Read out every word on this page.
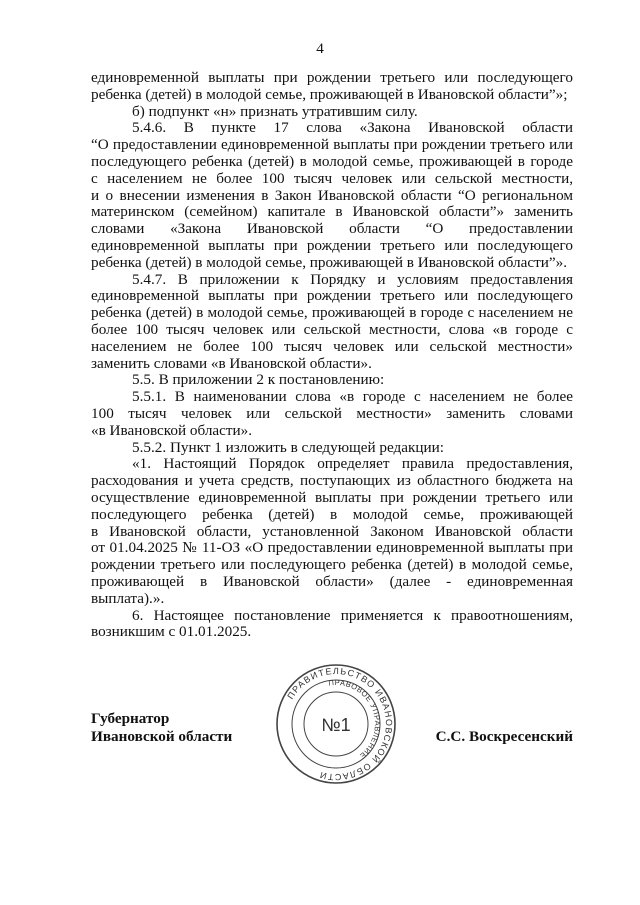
4
единовременной выплаты при рождении третьего или последующего
ребенка (детей) в молодой семье, проживающей в Ивановской области”»;
б) подпункт «н» признать утратившим силу.
5.4.6. В пункте 17 слова «Закона Ивановской области
“О предоставлении единовременной выплаты при рождении третьего или
последующего ребенка (детей) в молодой семье, проживающей в городе
с населением не более 100 тысяч человек или сельской местности,
и о внесении изменения в Закон Ивановской области “О региональном
материнском (семейном) капитале в Ивановской области”» заменить
словами «Закона Ивановской области “О предоставлении
единовременной выплаты при рождении третьего или последующего
ребенка (детей) в молодой семье, проживающей в Ивановской области”».
5.4.7. В приложении к Порядку и условиям предоставления
единовременной выплаты при рождении третьего или последующего
ребенка (детей) в молодой семье, проживающей в городе с населением не
более 100 тысяч человек или сельской местности, слова «в городе с
населением не более 100 тысяч человек или сельской местности»
заменить словами «в Ивановской области».
5.5. В приложении 2 к постановлению:
5.5.1. В наименовании слова «в городе с населением не более
100 тысяч человек или сельской местности» заменить словами
«в Ивановской области».
5.5.2. Пункт 1 изложить в следующей редакции:
«1. Настоящий Порядок определяет правила предоставления,
расходования и учета средств, поступающих из областного бюджета на
осуществление единовременной выплаты при рождении третьего или
последующего ребенка (детей) в молодой семье, проживающей
в Ивановской области, установленной Законом Ивановской области
от 01.04.2025 № 11-ОЗ «О предоставлении единовременной выплаты при
рождении третьего или последующего ребенка (детей) в молодой семье,
проживающей в Ивановской области» (далее - единовременная
выплата).».
6. Настоящее постановление применяется к правоотношениям,
возникшим с 01.01.2025.
Губернатор
Ивановской области
ПРАВИТЕЛЬСТВО ИВАНОВСКОЙ ОБЛАСТИ
ПРАВОВОЕ УПРАВЛЕНИЕ
№1
С.С. Воскресенский
